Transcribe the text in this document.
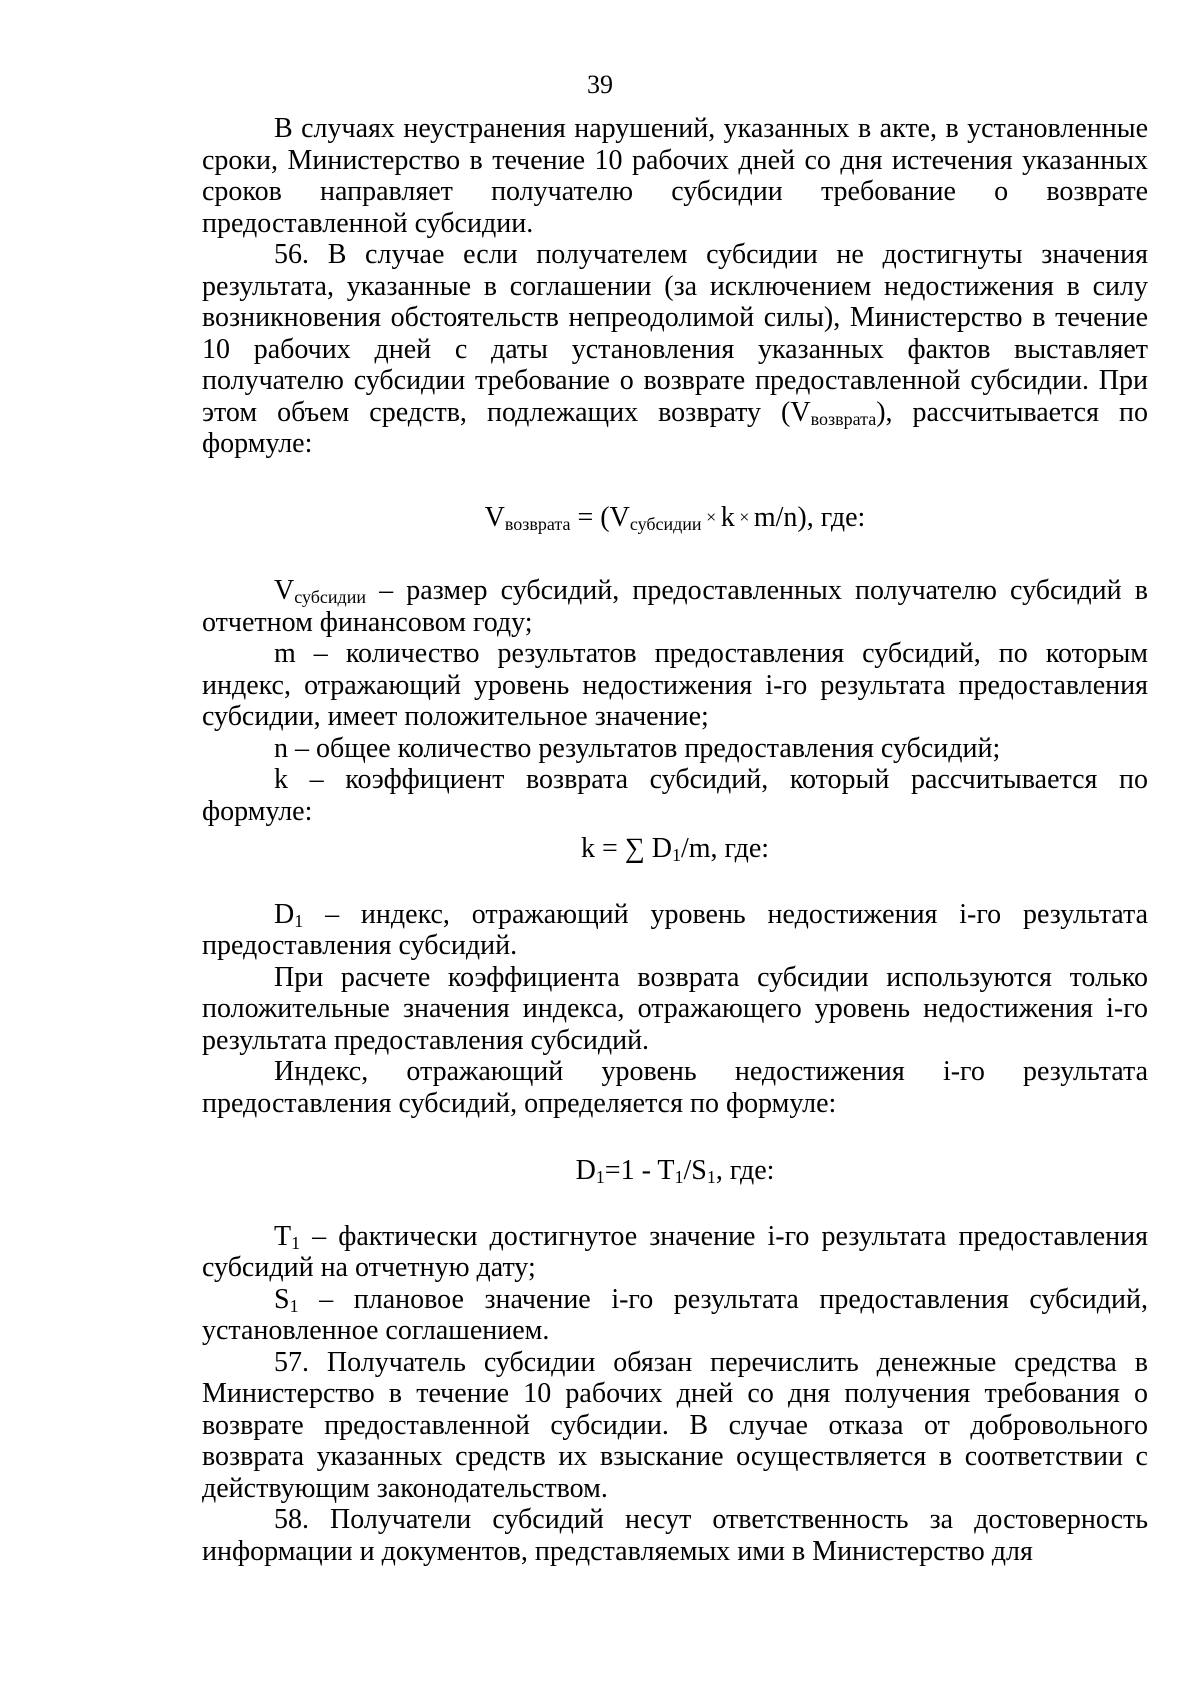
39

В случаях неустранения нарушений, указанных в акте, в установленные сроки, Министерство в течение 10 рабочих дней со дня истечения указанных сроков направляет получателю субсидии требование о возврате предоставленной субсидии.

56. В случае если получателем субсидии не достигнуты значения результата, указанные в соглашении (за исключением недостижения в силу возникновения обстоятельств непреодолимой силы), Министерство в течение 10 рабочих дней с даты установления указанных фактов выставляет получателю субсидии требование о возврате предоставленной субсидии. При этом объем средств, подлежащих возврату $(V_{возврата})$, рассчитывается по формуле:

$V_{возврата} = (V_{субсидии} \times k \times m/n)$, где:

$V_{субсидии}$ – размер субсидий, предоставленных получателю субсидий в отчетном финансовом году;

m – количество результатов предоставления субсидий, по которым индекс, отражающий уровень недостижения i-го результата предоставления субсидии, имеет положительное значение;

n – общее количество результатов предоставления субсидий;

k – коэффициент возврата субсидий, который рассчитывается по формуле:

k = ∑ $D_1/m$, где:

$D_1$ – индекс, отражающий уровень недостижения i-го результата предоставления субсидий.

При расчете коэффициента возврата субсидии используются только положительные значения индекса, отражающего уровень недостижения i-го результата предоставления субсидий.

Индекс, отражающий уровень недостижения i-го результата предоставления субсидий, определяется по формуле:

$D_1=1 - T_1/S_1$, где:

$T_1$ – фактически достигнутое значение i-го результата предоставления субсидий на отчетную дату;

$S_1$ – плановое значение i-го результата предоставления субсидий, установленное соглашением.

57. Получатель субсидии обязан перечислить денежные средства в Министерство в течение 10 рабочих дней со дня получения требования о возврате предоставленной субсидии. В случае отказа от добровольного возврата указанных средств их взыскание осуществляется в соответствии с действующим законодательством.

58. Получатели субсидий несут ответственность за достоверность информации и документов, представляемых ими в Министерство для
